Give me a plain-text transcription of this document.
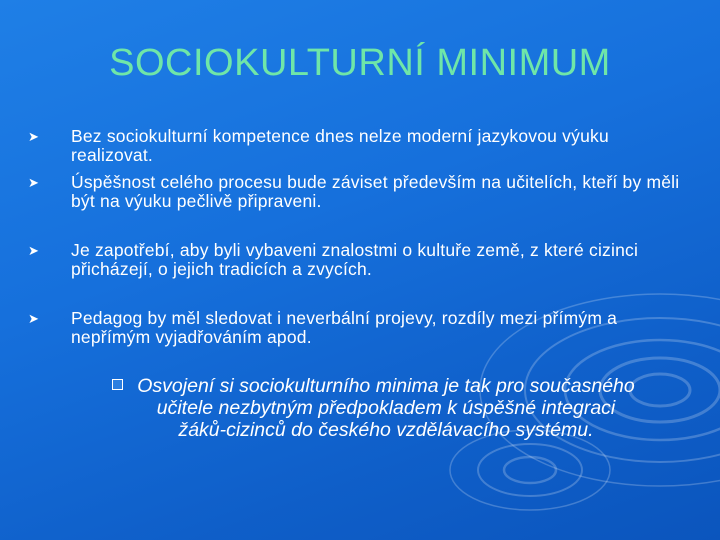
SOCIOKULTURNÍ MINIMUM
➤ Bez sociokulturní kompetence dnes nelze moderní jazykovou výuku realizovat.
➤ Úspěšnost celého procesu bude záviset především na učitelích, kteří by měli být na výuku pečlivě připraveni.
➤ Je zapotřebí, aby byli vybaveni znalostmi o kultuře země, z které cizinci přicházejí, o jejich tradicích a zvycích.
➤ Pedagog by měl sledovat i neverbální projevy, rozdíly mezi přímým a nepřímým vyjadřováním apod.
Osvojení si sociokulturního minima je tak pro současného učitele nezbytným předpokladem k úspěšné integraci žáků-cizinců do českého vzdělávacího systému.
